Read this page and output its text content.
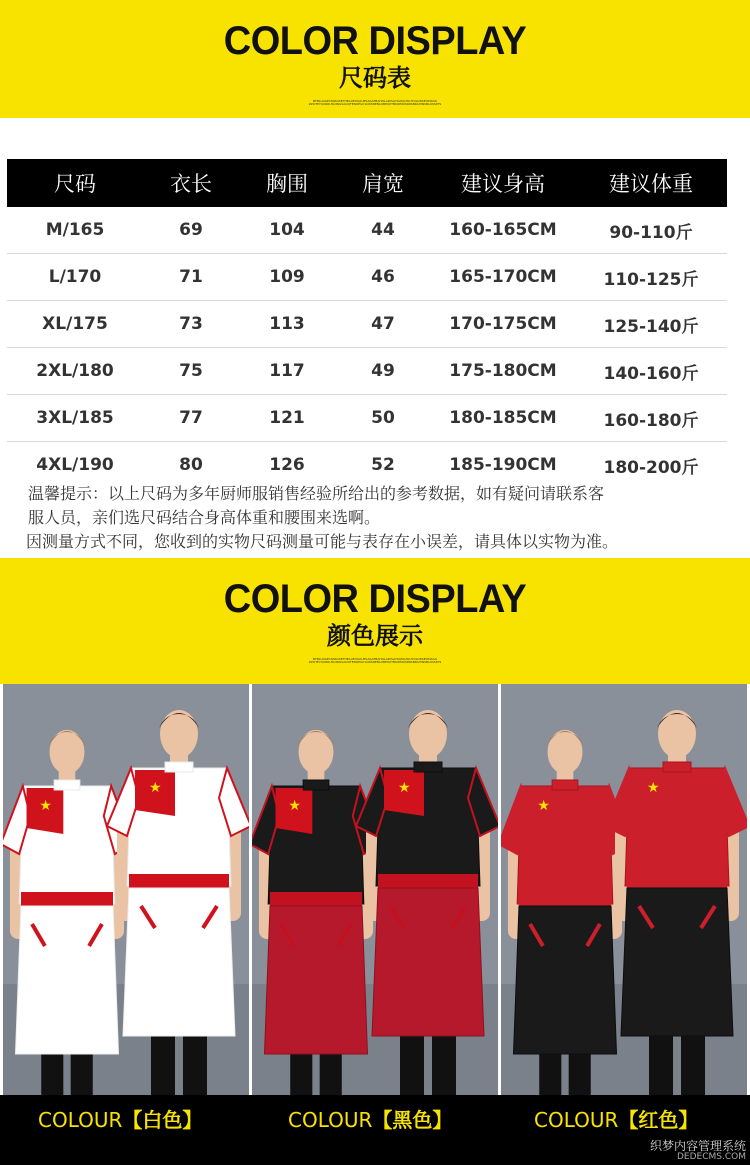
COLOR DISPLAY
尺码表
BTBLUAGEYANSUSETHEAUEUOAUPSAGATBAHOLADISAYDATAQSIUTOLORSEOMXAO ZZOTEYOURRUSOINGSAOOTENOEIAYLORSNEBAUBEOXTBKIRMOSRPABRAHINSBLOSSKTS
尺码	衣长	胸围	肩宽	建议身高	建议体重
M/165	69	104	44	160-165CM	90-110斤
L/170	71	109	46	165-170CM	110-125斤
XL/175	73	113	47	170-175CM	125-140斤
2XL/180	75	117	49	175-180CM	140-160斤
3XL/185	77	121	50	180-185CM	160-180斤
4XL/190	80	126	52	185-190CM	180-200斤

温馨提示：以上尺码为多年厨师服销售经验所给出的参考数据，如有疑问请联系客

服人员，亲们选尺码结合身高体重和腰围来选啊。

因测量方式不同，您收到的实物尺码测量可能与表存在小误差，请具体以实物为准。

COLOR DISPLAY
颜色展示
BTBLUAGEYANSUSETHEAUEUOAUPSAGATBAHOLADISAYDATAQSIUTOLORSEOMXAO ZZOTEYOURRUSOINGSAOOTENOEIAYLORSNEBAUBEOXTBKIRMOSRPABRAHINSBLOSSKTS
★
★
★
★
★
★
COLOUR【白色】	COLOUR【黑色】	COLOUR【红色】
织梦内容管理系统
DEDECMS.COM
